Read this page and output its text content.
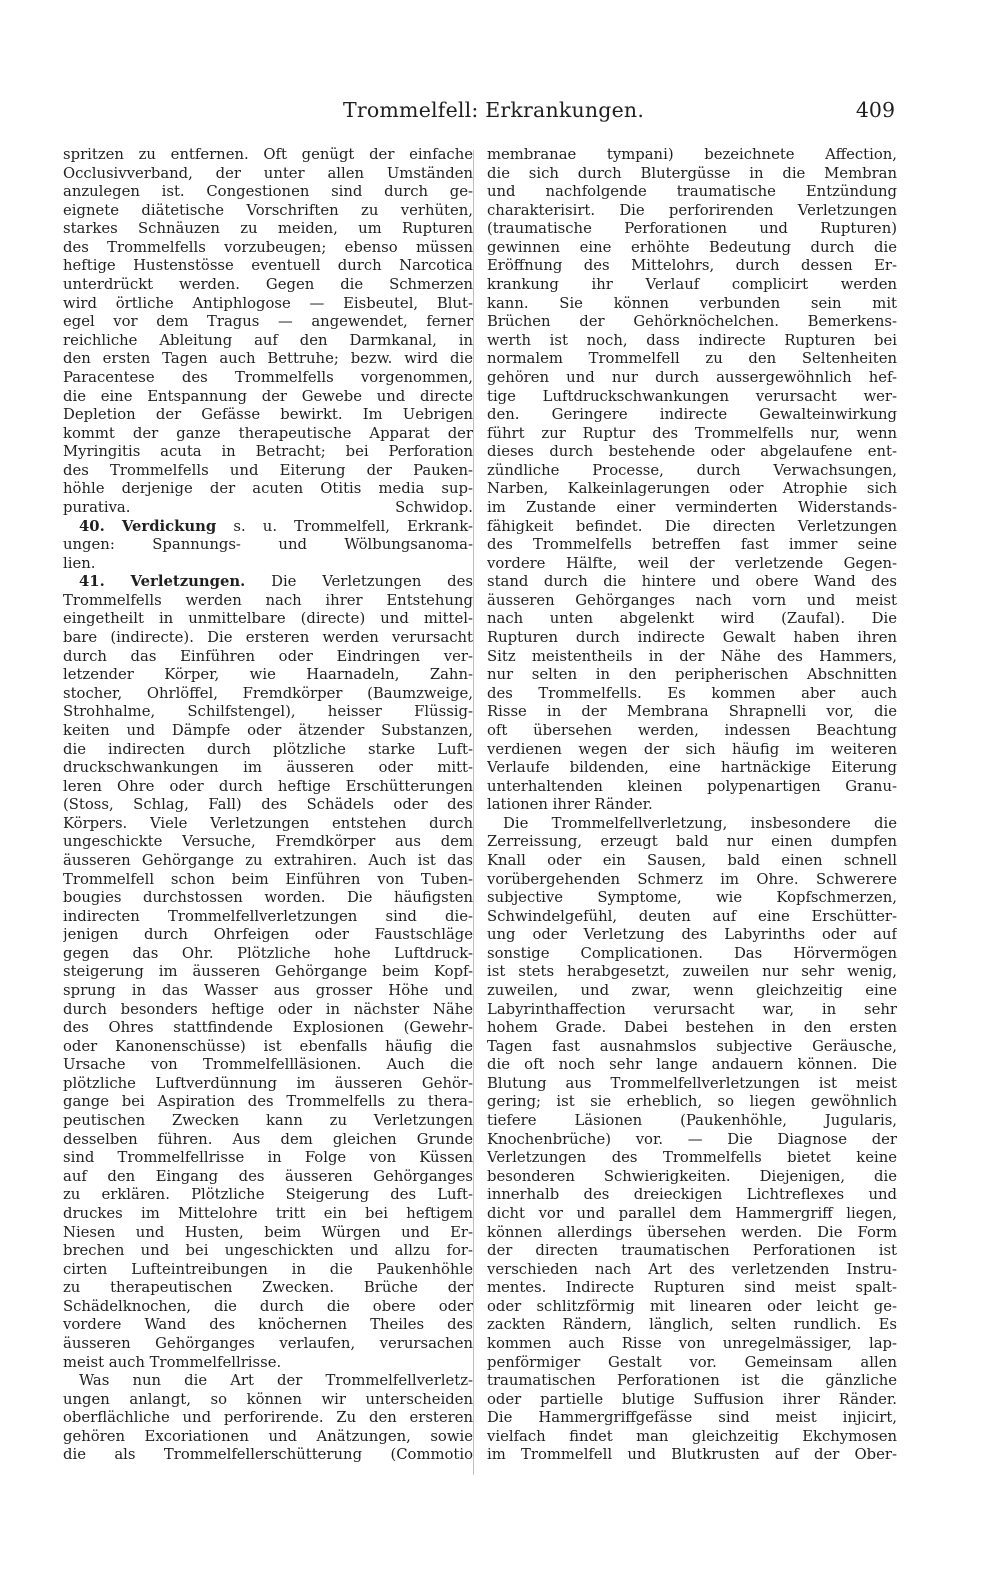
Trommelfell: Erkrankungen.	409
spritzen zu entfernen. Oft genügt der einfache
Occlusivverband, der unter allen Umständen
anzulegen ist. Congestionen sind durch ge-
eignete diätetische Vorschriften zu verhüten,
starkes Schnäuzen zu meiden, um Rupturen
des Trommelfells vorzubeugen; ebenso müssen
heftige Hustenstösse eventuell durch Narcotica
unterdrückt werden. Gegen die Schmerzen
wird örtliche Antiphlogose — Eisbeutel, Blut-
egel vor dem Tragus — angewendet, ferner
reichliche Ableitung auf den Darmkanal, in
den ersten Tagen auch Bettruhe; bezw. wird die
Paracentese des Trommelfells vorgenommen,
die eine Entspannung der Gewebe und directe
Depletion der Gefässe bewirkt. Im Uebrigen
kommt der ganze therapeutische Apparat der
Myringitis acuta in Betracht; bei Perforation
des Trommelfells und Eiterung der Pauken-
höhle derjenige der acuten Otitis media sup-
purativa.	Schwidop.
40. Verdickung s. u. Trommelfell, Erkrank-
ungen: Spannungs- und Wölbungsanoma-
lien.
41. Verletzungen. Die Verletzungen des
Trommelfells werden nach ihrer Entstehung
eingetheilt in unmittelbare (directe) und mittel-
bare (indirecte). Die ersteren werden verursacht
durch das Einführen oder Eindringen ver-
letzender Körper, wie Haarnadeln, Zahn-
stocher, Ohrlöffel, Fremdkörper (Baumzweige,
Strohhalme, Schilfstengel), heisser Flüssig-
keiten und Dämpfe oder ätzender Substanzen,
die indirecten durch plötzliche starke Luft-
druckschwankungen im äusseren oder mitt-
leren Ohre oder durch heftige Erschütterungen
(Stoss, Schlag, Fall) des Schädels oder des
Körpers. Viele Verletzungen entstehen durch
ungeschickte Versuche, Fremdkörper aus dem
äusseren Gehörgange zu extrahiren. Auch ist das
Trommelfell schon beim Einführen von Tuben-
bougies durchstossen worden. Die häufigsten
indirecten Trommelfellverletzungen sind die-
jenigen durch Ohrfeigen oder Faustschläge
gegen das Ohr. Plötzliche hohe Luftdruck-
steigerung im äusseren Gehörgange beim Kopf-
sprung in das Wasser aus grosser Höhe und
durch besonders heftige oder in nächster Nähe
des Ohres stattfindende Explosionen (Gewehr-
oder Kanonenschüsse) ist ebenfalls häufig die
Ursache von Trommelfellläsionen. Auch die
plötzliche Luftverdünnung im äusseren Gehör-
gange bei Aspiration des Trommelfells zu thera-
peutischen Zwecken kann zu Verletzungen
desselben führen. Aus dem gleichen Grunde
sind Trommelfellrisse in Folge von Küssen
auf den Eingang des äusseren Gehörganges
zu erklären. Plötzliche Steigerung des Luft-
druckes im Mittelohre tritt ein bei heftigem
Niesen und Husten, beim Würgen und Er-
brechen und bei ungeschickten und allzu for-
cirten Lufteintreibungen in die Paukenhöhle
zu therapeutischen Zwecken. Brüche der
Schädelknochen, die durch die obere oder
vordere Wand des knöchernen Theiles des
äusseren Gehörganges verlaufen, verursachen
meist auch Trommelfellrisse.
Was nun die Art der Trommelfellverletz-
ungen anlangt, so können wir unterscheiden
oberflächliche und perforirende. Zu den ersteren
gehören Excoriationen und Anätzungen, sowie
die als Trommelfellerschütterung (Commotio
membranae tympani) bezeichnete Affection,
die sich durch Blutergüsse in die Membran
und nachfolgende traumatische Entzündung
charakterisirt. Die perforirenden Verletzungen
(traumatische Perforationen und Rupturen)
gewinnen eine erhöhte Bedeutung durch die
Eröffnung des Mittelohrs, durch dessen Er-
krankung ihr Verlauf complicirt werden
kann. Sie können verbunden sein mit
Brüchen der Gehörknöchelchen. Bemerkens-
werth ist noch, dass indirecte Rupturen bei
normalem Trommelfell zu den Seltenheiten
gehören und nur durch aussergewöhnlich hef-
tige Luftdruckschwankungen verursacht wer-
den. Geringere indirecte Gewalteinwirkung
führt zur Ruptur des Trommelfells nur, wenn
dieses durch bestehende oder abgelaufene ent-
zündliche Processe, durch Verwachsungen,
Narben, Kalkeinlagerungen oder Atrophie sich
im Zustande einer verminderten Widerstands-
fähigkeit befindet. Die directen Verletzungen
des Trommelfells betreffen fast immer seine
vordere Hälfte, weil der verletzende Gegen-
stand durch die hintere und obere Wand des
äusseren Gehörganges nach vorn und meist
nach unten abgelenkt wird (Zaufal). Die
Rupturen durch indirecte Gewalt haben ihren
Sitz meistentheils in der Nähe des Hammers,
nur selten in den peripherischen Abschnitten
des Trommelfells. Es kommen aber auch
Risse in der Membrana Shrapnelli vor, die
oft übersehen werden, indessen Beachtung
verdienen wegen der sich häufig im weiteren
Verlaufe bildenden, eine hartnäckige Eiterung
unterhaltenden kleinen polypenartigen Granu-
lationen ihrer Ränder.
Die Trommelfellverletzung, insbesondere die
Zerreissung, erzeugt bald nur einen dumpfen
Knall oder ein Sausen, bald einen schnell
vorübergehenden Schmerz im Ohre. Schwerere
subjective Symptome, wie Kopfschmerzen,
Schwindelgefühl, deuten auf eine Erschütter-
ung oder Verletzung des Labyrinths oder auf
sonstige Complicationen. Das Hörvermögen
ist stets herabgesetzt, zuweilen nur sehr wenig,
zuweilen, und zwar, wenn gleichzeitig eine
Labyrinthaffection verursacht war, in sehr
hohem Grade. Dabei bestehen in den ersten
Tagen fast ausnahmslos subjective Geräusche,
die oft noch sehr lange andauern können. Die
Blutung aus Trommelfellverletzungen ist meist
gering; ist sie erheblich, so liegen gewöhnlich
tiefere Läsionen (Paukenhöhle, Jugularis,
Knochenbrüche) vor. — Die Diagnose der
Verletzungen des Trommelfells bietet keine
besonderen Schwierigkeiten. Diejenigen, die
innerhalb des dreieckigen Lichtreflexes und
dicht vor und parallel dem Hammergriff liegen,
können allerdings übersehen werden. Die Form
der directen traumatischen Perforationen ist
verschieden nach Art des verletzenden Instru-
mentes. Indirecte Rupturen sind meist spalt-
oder schlitzförmig mit linearen oder leicht ge-
zackten Rändern, länglich, selten rundlich. Es
kommen auch Risse von unregelmässiger, lap-
penförmiger Gestalt vor. Gemeinsam allen
traumatischen Perforationen ist die gänzliche
oder partielle blutige Suffusion ihrer Ränder.
Die Hammergriffgefässe sind meist injicirt,
vielfach findet man gleichzeitig Ekchymosen
im Trommelfell und Blutkrusten auf der Ober-
